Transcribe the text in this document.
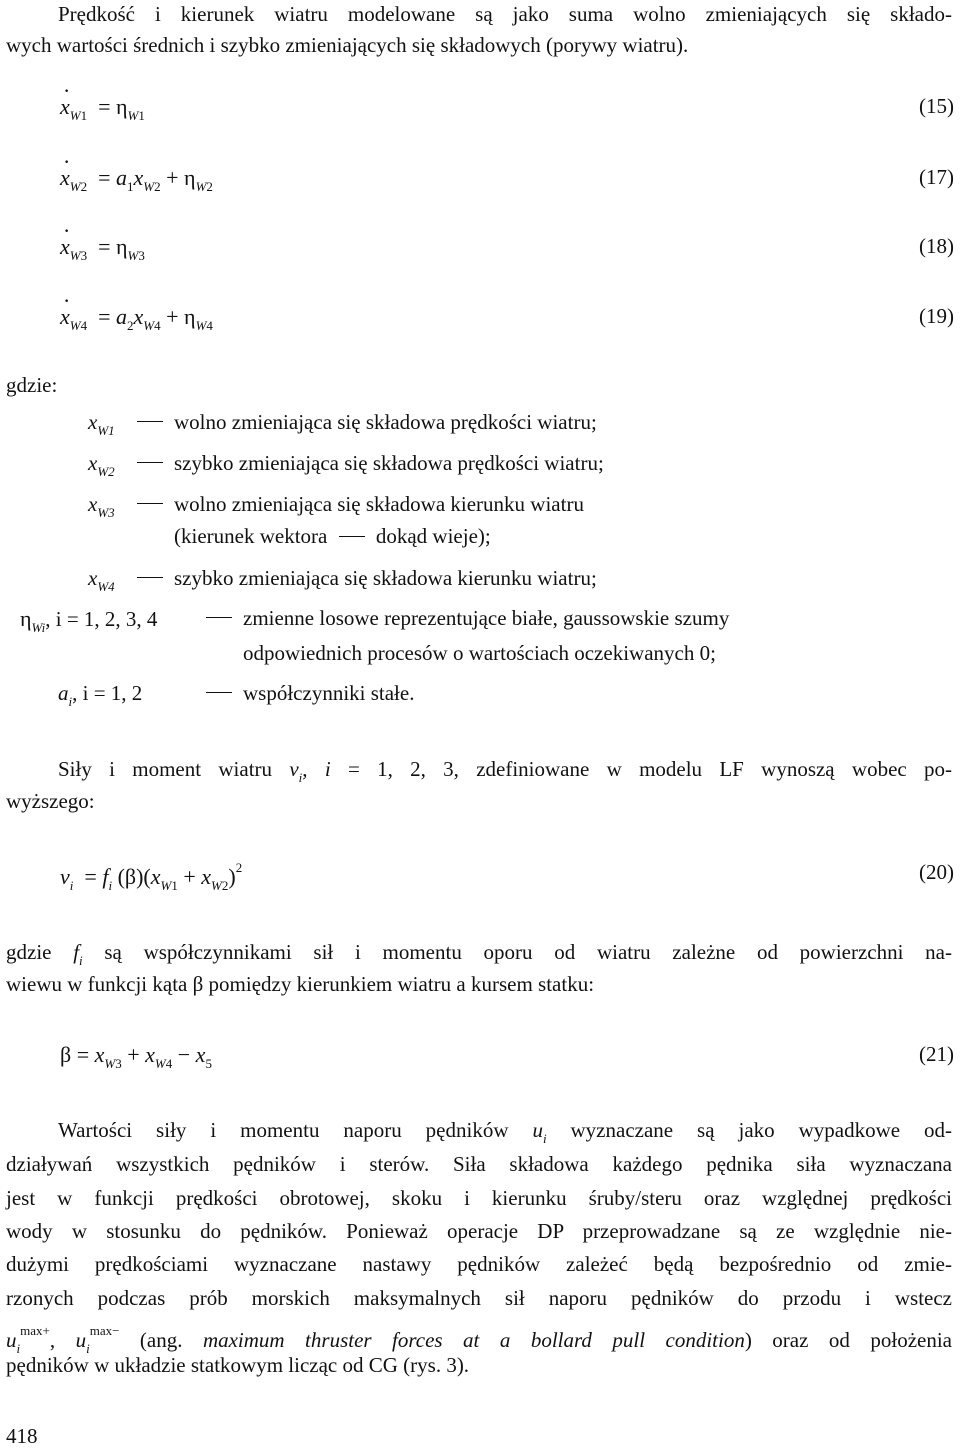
Prędkość i kierunek wiatru modelowane są jako suma wolno zmieniających się składo-
wych wartości średnich i szybko zmieniających się składowych (porywy wiatru).
· $x_{W1} = \eta_{W1}$	(15)
· $x_{W2} = a_1x_{W2} + \eta_{W2}$	(17)
· $x_{W3} = \eta_{W3}$	(18)
· $x_{W4} = a_2x_{W4} + \eta_{W4}$	(19)
gdzie:
$x_{W1}$	wolno zmieniająca się składowa prędkości wiatru;
$x_{W2}$	szybko zmieniająca się składowa prędkości wiatru;
$x_{W3}$	wolno zmieniająca się składowa kierunku wiatru
(kierunek wektora dokąd wieje);
$x_{W4}$	szybko zmieniająca się składowa kierunku wiatru;
$\eta_{Wi}$, i = 1, 2, 3, 4	zmienne losowe reprezentujące białe, gaussowskie szumy
odpowiednich procesów o wartościach oczekiwanych 0;
$a_i$, i = 1, 2	współczynniki stałe.
Siły i moment wiatru $v_i$, i = 1, 2, 3, zdefiniowane w modelu LF wynoszą wobec po-
wyższego:
$v_i = f_i$ $(\beta)(x_{W1} + x_{W2})^2$	(20)
gdzie $f_i$ są współczynnikami sił i momentu oporu od wiatru zależne od powierzchni na-
wiewu w funkcji kąta β pomiędzy kierunkiem wiatru a kursem statku:
$\beta = x_{W3} + x_{W4} - x_5$	(21)
Wartości siły i momentu naporu pędników $u_i$ wyznaczane są jako wypadkowe od-
działywań wszystkich pędników i sterów. Siła składowa każdego pędnika siła wyznaczana
jest w funkcji prędkości obrotowej, skoku i kierunku śruby/steru oraz względnej prędkości
wody w stosunku do pędników. Ponieważ operacje DP przeprowadzane są ze względnie nie-
dużymi prędkościami wyznaczane nastawy pędników zależeć będą bezpośrednio od zmie-
rzonych podczas prób morskich maksymalnych sił naporu pędników do przodu i wstecz
$u_i^{max+}$, $u_i^{max-}$ (ang. maximum thruster forces at a bollard pull condition) oraz od położenia
pędników w układzie statkowym licząc od CG (rys. 3).
418
